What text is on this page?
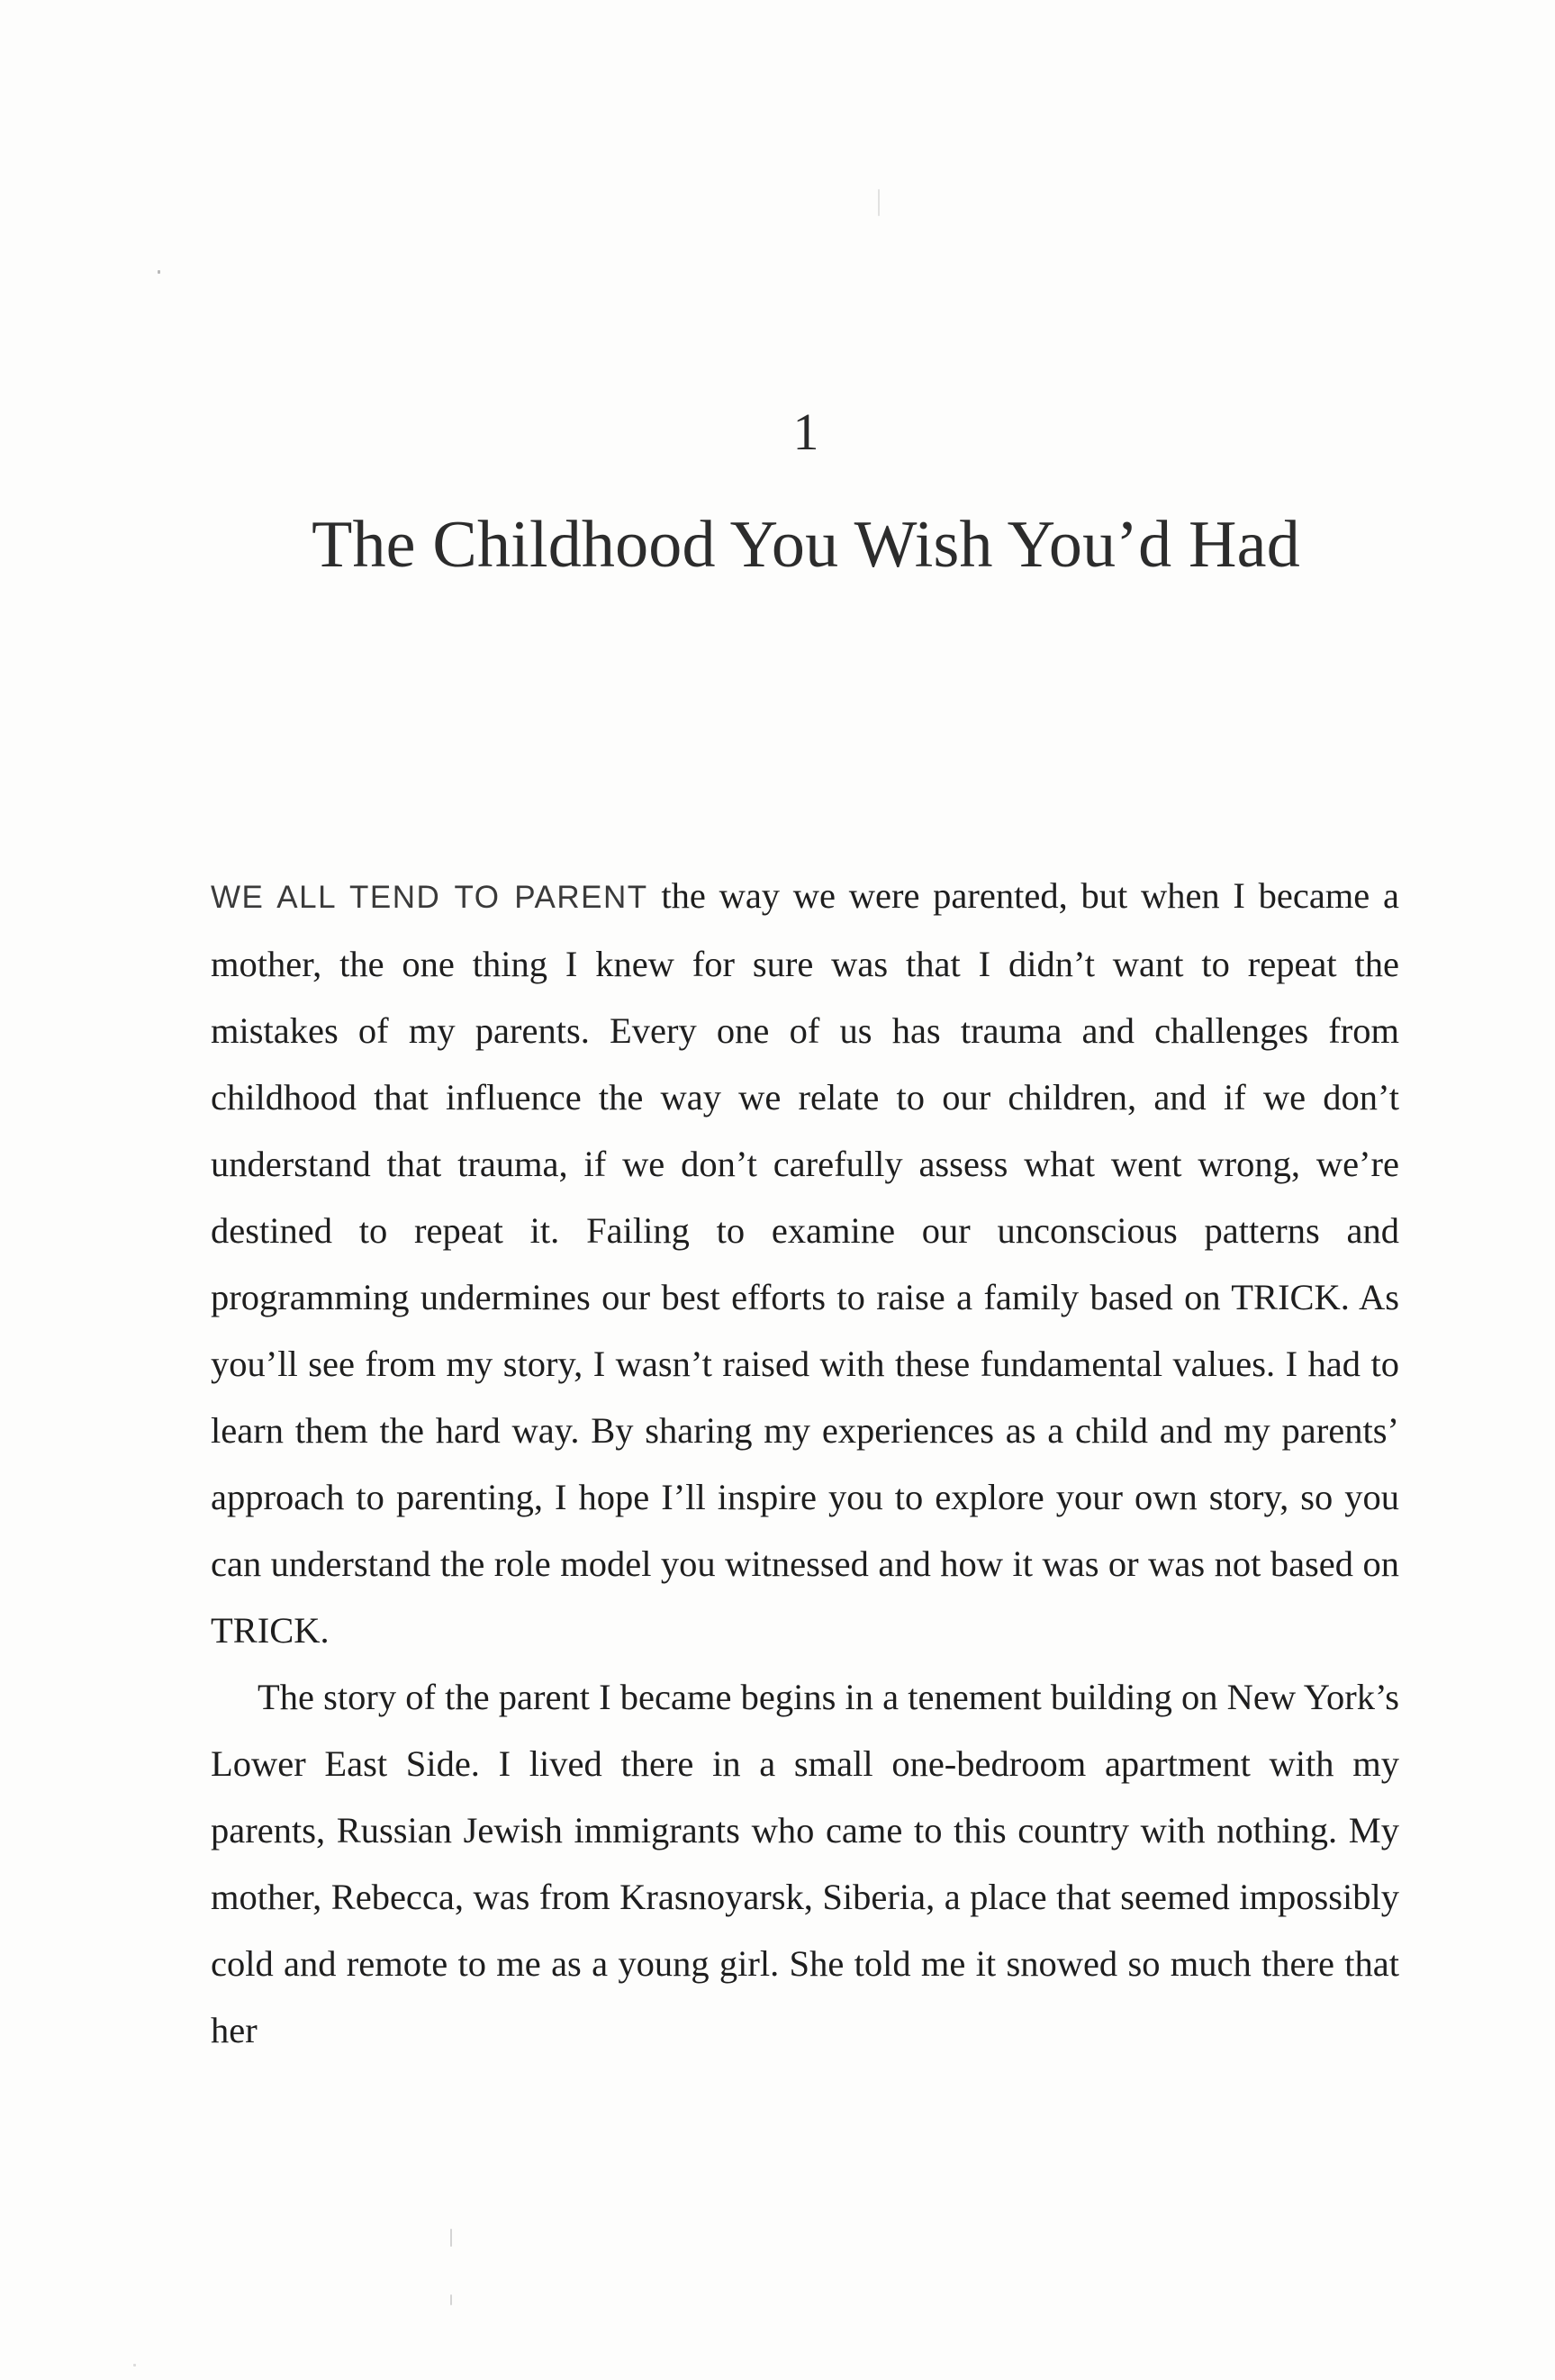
1
The Childhood You Wish You’d Had

WE ALL TEND TO PARENT the way we were parented, but when I became a mother, the one thing I knew for sure was that I didn’t want to repeat the mistakes of my parents. Every one of us has trauma and challenges from childhood that influence the way we relate to our children, and if we don’t understand that trauma, if we don’t carefully assess what went wrong, we’re destined to repeat it. Failing to examine our unconscious patterns and programming undermines our best efforts to raise a family based on TRICK. As you’ll see from my story, I wasn’t raised with these fundamental values. I had to learn them the hard way. By sharing my experiences as a child and my parents’ approach to parenting, I hope I’ll inspire you to explore your own story, so you can understand the role model you witnessed and how it was or was not based on TRICK.

The story of the parent I became begins in a tenement building on New York’s Lower East Side. I lived there in a small one-bedroom apartment with my parents, Russian Jewish immigrants who came to this country with nothing. My mother, Rebecca, was from Krasnoyarsk, Siberia, a place that seemed impossibly cold and remote to me as a young girl. She told me it snowed so much there that her
